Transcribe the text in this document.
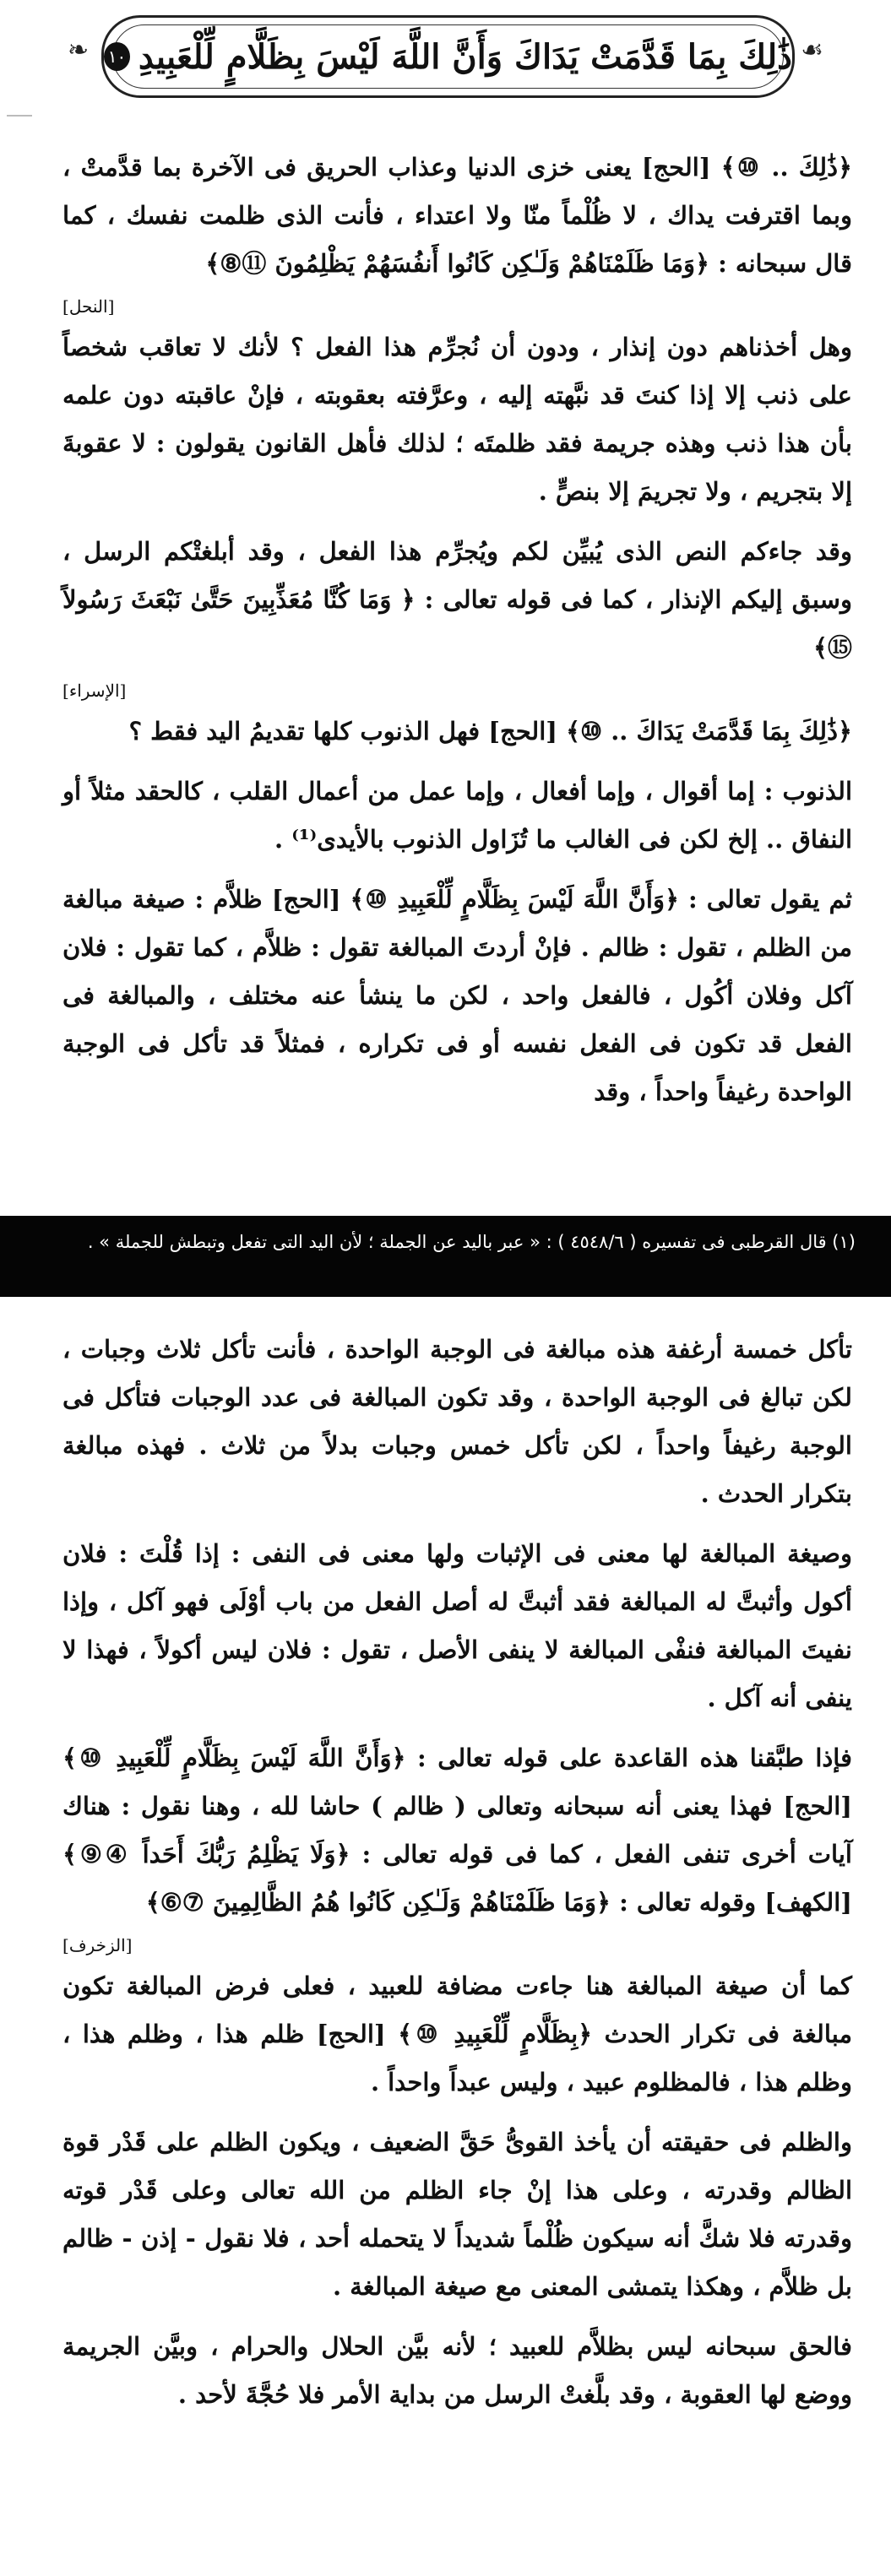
ذَٰلِكَ بِمَا قَدَّمَتْ يَدَاكَ وَأَنَّ اللَّهَ لَيْسَ بِظَلَّامٍ لِّلْعَبِيدِ
١٠
❧	☙

﴿ذَٰلِكَ .. ⑩﴾ [الحج] يعنى خزى الدنيا وعذاب الحريق فى الآخرة بما قدَّمتْ ، وبما اقترفت يداك ، لا ظُلْماً منّا ولا اعتداء ، فأنت الذى ظلمت نفسك ، كما قال سبحانه : ﴿وَمَا ظَلَمْنَاهُمْ وَلَـٰكِن كَانُوا أَنفُسَهُمْ يَظْلِمُونَ ⑪⑧﴾

[النحل]

وهل أخذناهم دون إنذار ، ودون أن نُجرِّم هذا الفعل ؟ لأنك لا تعاقب شخصاً على ذنب إلا إذا كنتَ قد نبَّهته إليه ، وعرَّفته بعقوبته ، فإنْ عاقبته دون علمه بأن هذا ذنب وهذه جريمة فقد ظلمتَه ؛ لذلك فأهل القانون يقولون : لا عقوبةَ إلا بتجريم ، ولا تجريمَ إلا بنصٍّ .

وقد جاءكم النص الذى يُبيِّن لكم ويُجرِّم هذا الفعل ، وقد أبلغتْكم الرسل ، وسبق إليكم الإنذار ، كما فى قوله تعالى : ﴿ وَمَا كُنَّا مُعَذِّبِينَ حَتَّىٰ نَبْعَثَ رَسُولاً ⑮﴾

[الإسراء]

﴿ذَٰلِكَ بِمَا قَدَّمَتْ يَدَاكَ .. ⑩﴾ [الحج] فهل الذنوب كلها تقديمُ اليد فقط ؟

الذنوب : إما أقوال ، وإما أفعال ، وإما عمل من أعمال القلب ، كالحقد مثلاً أو النفاق .. إلخ لكن فى الغالب ما تُزَاول الذنوب بالأيدى⁽¹⁾ .

ثم يقول تعالى : ﴿وَأَنَّ اللَّهَ لَيْسَ بِظَلَّامٍ لِّلْعَبِيدِ ⑩﴾ [الحج] ظلاَّم : صيغة مبالغة من الظلم ، تقول : ظالم . فإنْ أردتَ المبالغة تقول : ظلاَّم ، كما تقول : فلان آكل وفلان أكُول ، فالفعل واحد ، لكن ما ينشأ عنه مختلف ، والمبالغة فى الفعل قد تكون فى الفعل نفسه أو فى تكراره ، فمثلاً قد تأكل فى الوجبة الواحدة رغيفاً واحداً ، وقد

(١) قال القرطبى فى تفسيره ( ٤٥٤٨/٦ ) : « عبر باليد عن الجملة ؛ لأن اليد التى تفعل وتبطش للجملة » .

تأكل خمسة أرغفة هذه مبالغة فى الوجبة الواحدة ، فأنت تأكل ثلاث وجبات ، لكن تبالغ فى الوجبة الواحدة ، وقد تكون المبالغة فى عدد الوجبات فتأكل فى الوجبة رغيفاً واحداً ، لكن تأكل خمس وجبات بدلاً من ثلاث . فهذه مبالغة بتكرار الحدث .

وصيغة المبالغة لها معنى فى الإثبات ولها معنى فى النفى : إذا قُلْتَ : فلان أكول وأثبتَّ له المبالغة فقد أثبتَّ له أصل الفعل من باب أوْلَى فهو آكل ، وإذا نفيتَ المبالغة فنفْى المبالغة لا ينفى الأصل ، تقول : فلان ليس أكولاً ، فهذا لا ينفى أنه آكل .

فإذا طبَّقنا هذه القاعدة على قوله تعالى : ﴿وَأَنَّ اللَّهَ لَيْسَ بِظَلَّامٍ لِّلْعَبِيدِ ⑩﴾ [الحج] فهذا يعنى أنه سبحانه وتعالى ( ظالم ) حاشا لله ، وهنا نقول : هناك آيات أخرى تنفى الفعل ، كما فى قوله تعالى : ﴿وَلَا يَظْلِمُ رَبُّكَ أَحَداً ④⑨﴾ [الكهف] وقوله تعالى : ﴿وَمَا ظَلَمْنَاهُمْ وَلَـٰكِن كَانُوا هُمُ الظَّالِمِينَ ⑦⑥﴾

[الزخرف]

كما أن صيغة المبالغة هنا جاءت مضافة للعبيد ، فعلى فرض المبالغة تكون مبالغة فى تكرار الحدث ﴿بِظَلَّامٍ لِّلْعَبِيدِ ⑩﴾ [الحج] ظلم هذا ، وظلم هذا ، وظلم هذا ، فالمظلوم عبيد ، وليس عبداً واحداً .

والظلم فى حقيقته أن يأخذ القوىُّ حَقَّ الضعيف ، ويكون الظلم على قَدْر قوة الظالم وقدرته ، وعلى هذا إنْ جاء الظلم من الله تعالى وعلى قَدْر قوته وقدرته فلا شكَّ أنه سيكون ظُلْماً شديداً لا يتحمله أحد ، فلا نقول - إذن - ظالم بل ظلاَّم ، وهكذا يتمشى المعنى مع صيغة المبالغة .

فالحق سبحانه ليس بظلاَّم للعبيد ؛ لأنه بيَّن الحلال والحرام ، وبيَّن الجريمة ووضع لها العقوبة ، وقد بلَّغتْ الرسل من بداية الأمر فلا حُجَّةَ لأحد .
